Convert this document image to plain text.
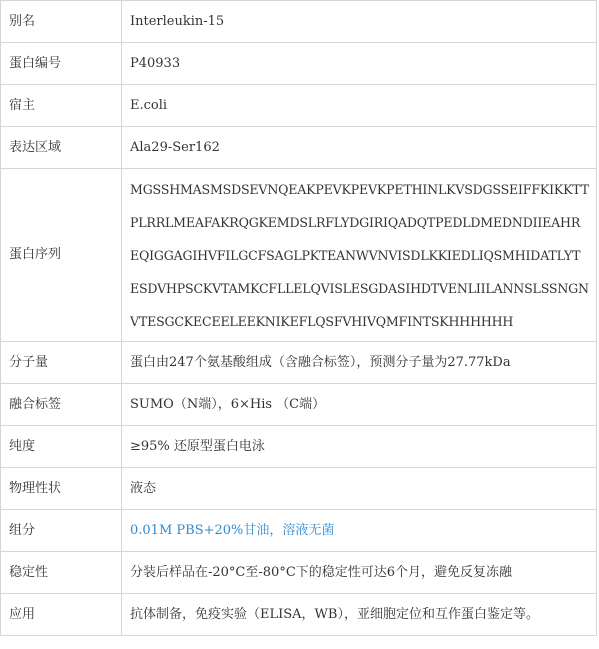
别名	Interleukin-15
蛋白编号	P40933
宿主	E.coli
表达区域	Ala29-Ser162
蛋白序列	MGSSHMASMSDSEVNQEAKPEVKPEVKPETHINLKVSDGSSEIFFKIKKTT
PLRRLMEAFAKRQGKEMDSLRFLYDGIRIQADQTPEDLDMEDNDIIEAHR
EQIGGAGIHVFILGCFSAGLPKTEANWVNVISDLKKIEDLIQSMHIDATLYT
ESDVHPSCKVTAMKCFLLELQVISLESGDASIHDTVENLIILANNSLSSNGN
VTESGCKECEELEEKNIKEFLQSFVHIVQMFINTSKHHHHHH

分子量	蛋白由247个氨基酸组成（含融合标签），预测分子量为27.77kDa
融合标签	SUMO（N端），6×His （C端）
纯度	≥95% 还原型蛋白电泳
物理性状	液态
组分	0.01M PBS+20%甘油，溶液无菌
稳定性	分装后样品在-20°C至-80°C下的稳定性可达6个月，避免反复冻融
应用	抗体制备，免疫实验（ELISA，WB），亚细胞定位和互作蛋白鉴定等。
